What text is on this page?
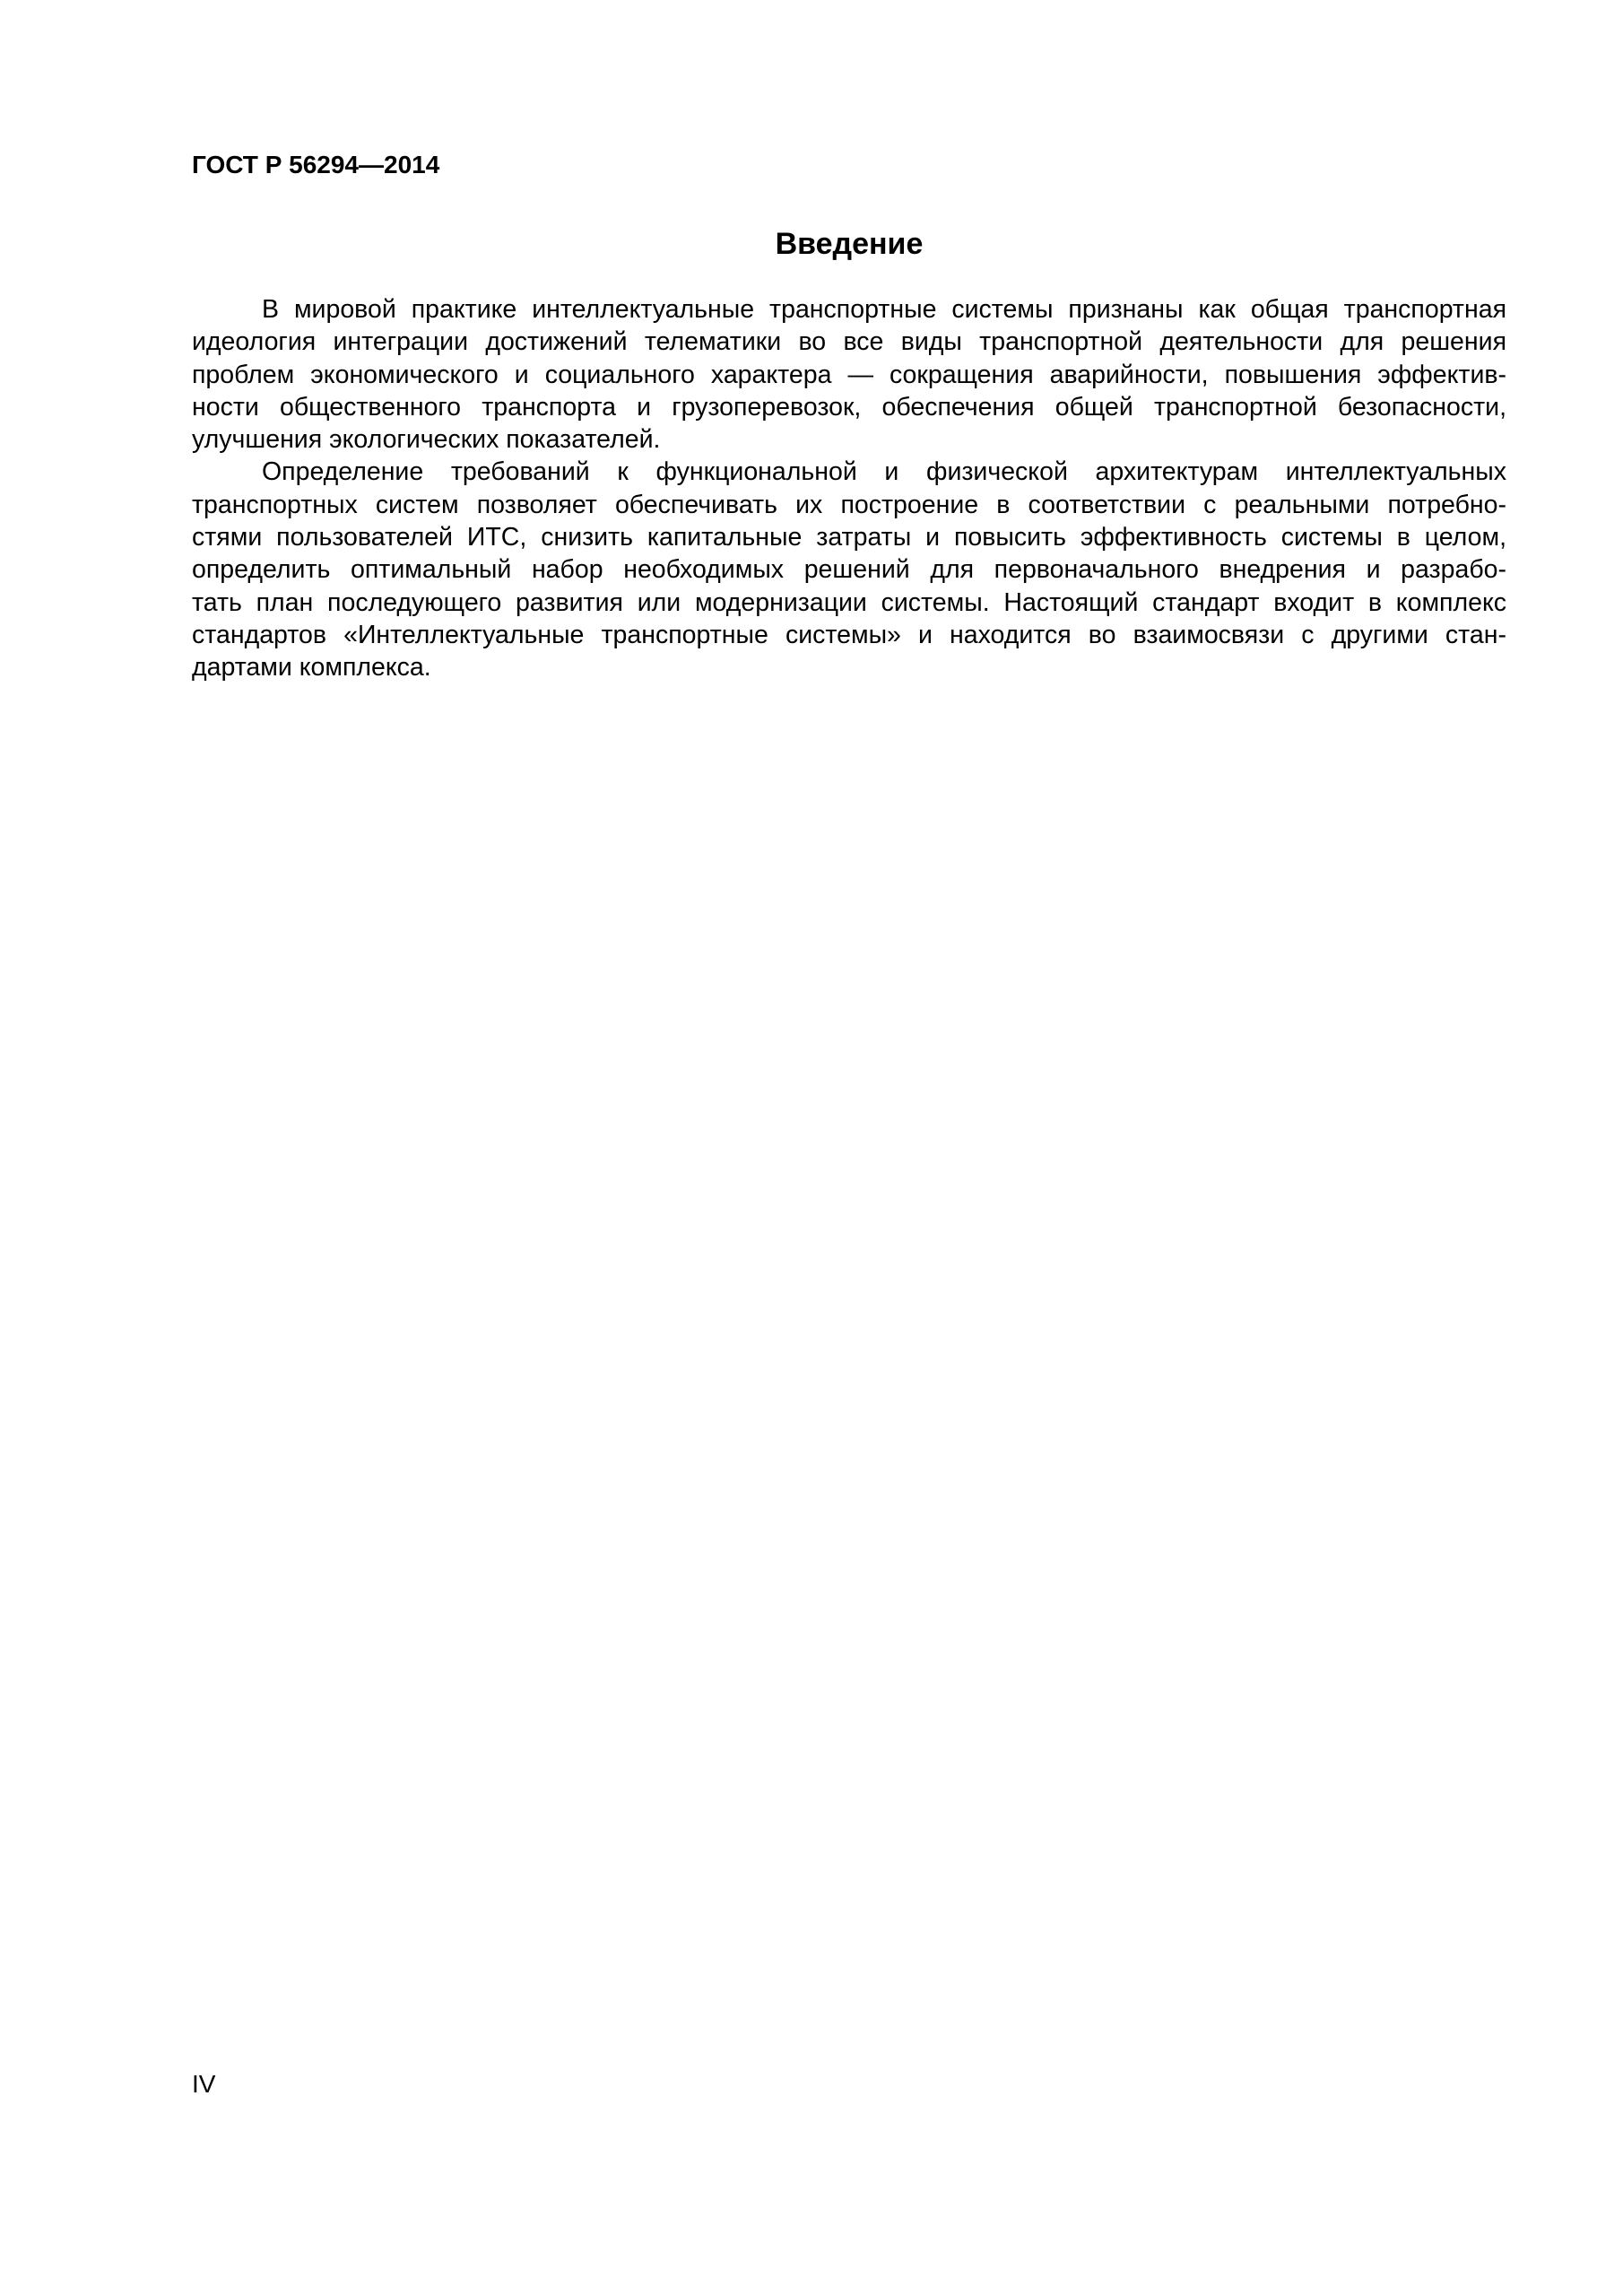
ГОСТ Р 56294—2014
Введение
В мировой практике интеллектуальные транспортные системы признаны как общая транспортная
идеология интеграции достижений телематики во все виды транспортной деятельности для решения
проблем экономического и социального характера — сокращения аварийности, повышения эффектив-
ности общественного транспорта и грузоперевозок, обеспечения общей транспортной безопасности,
улучшения экологических показателей.
Определение требований к функциональной и физической архитектурам интеллектуальных
транспортных систем позволяет обеспечивать их построение в соответствии с реальными потребно-
стями пользователей ИТС, снизить капитальные затраты и повысить эффективность системы в целом,
определить оптимальный набор необходимых решений для первоначального внедрения и разрабо-
тать план последующего развития или модернизации системы. Настоящий стандарт входит в комплекс
стандартов «Интеллектуальные транспортные системы» и находится во взаимосвязи с другими стан-
дартами комплекса.
IV
